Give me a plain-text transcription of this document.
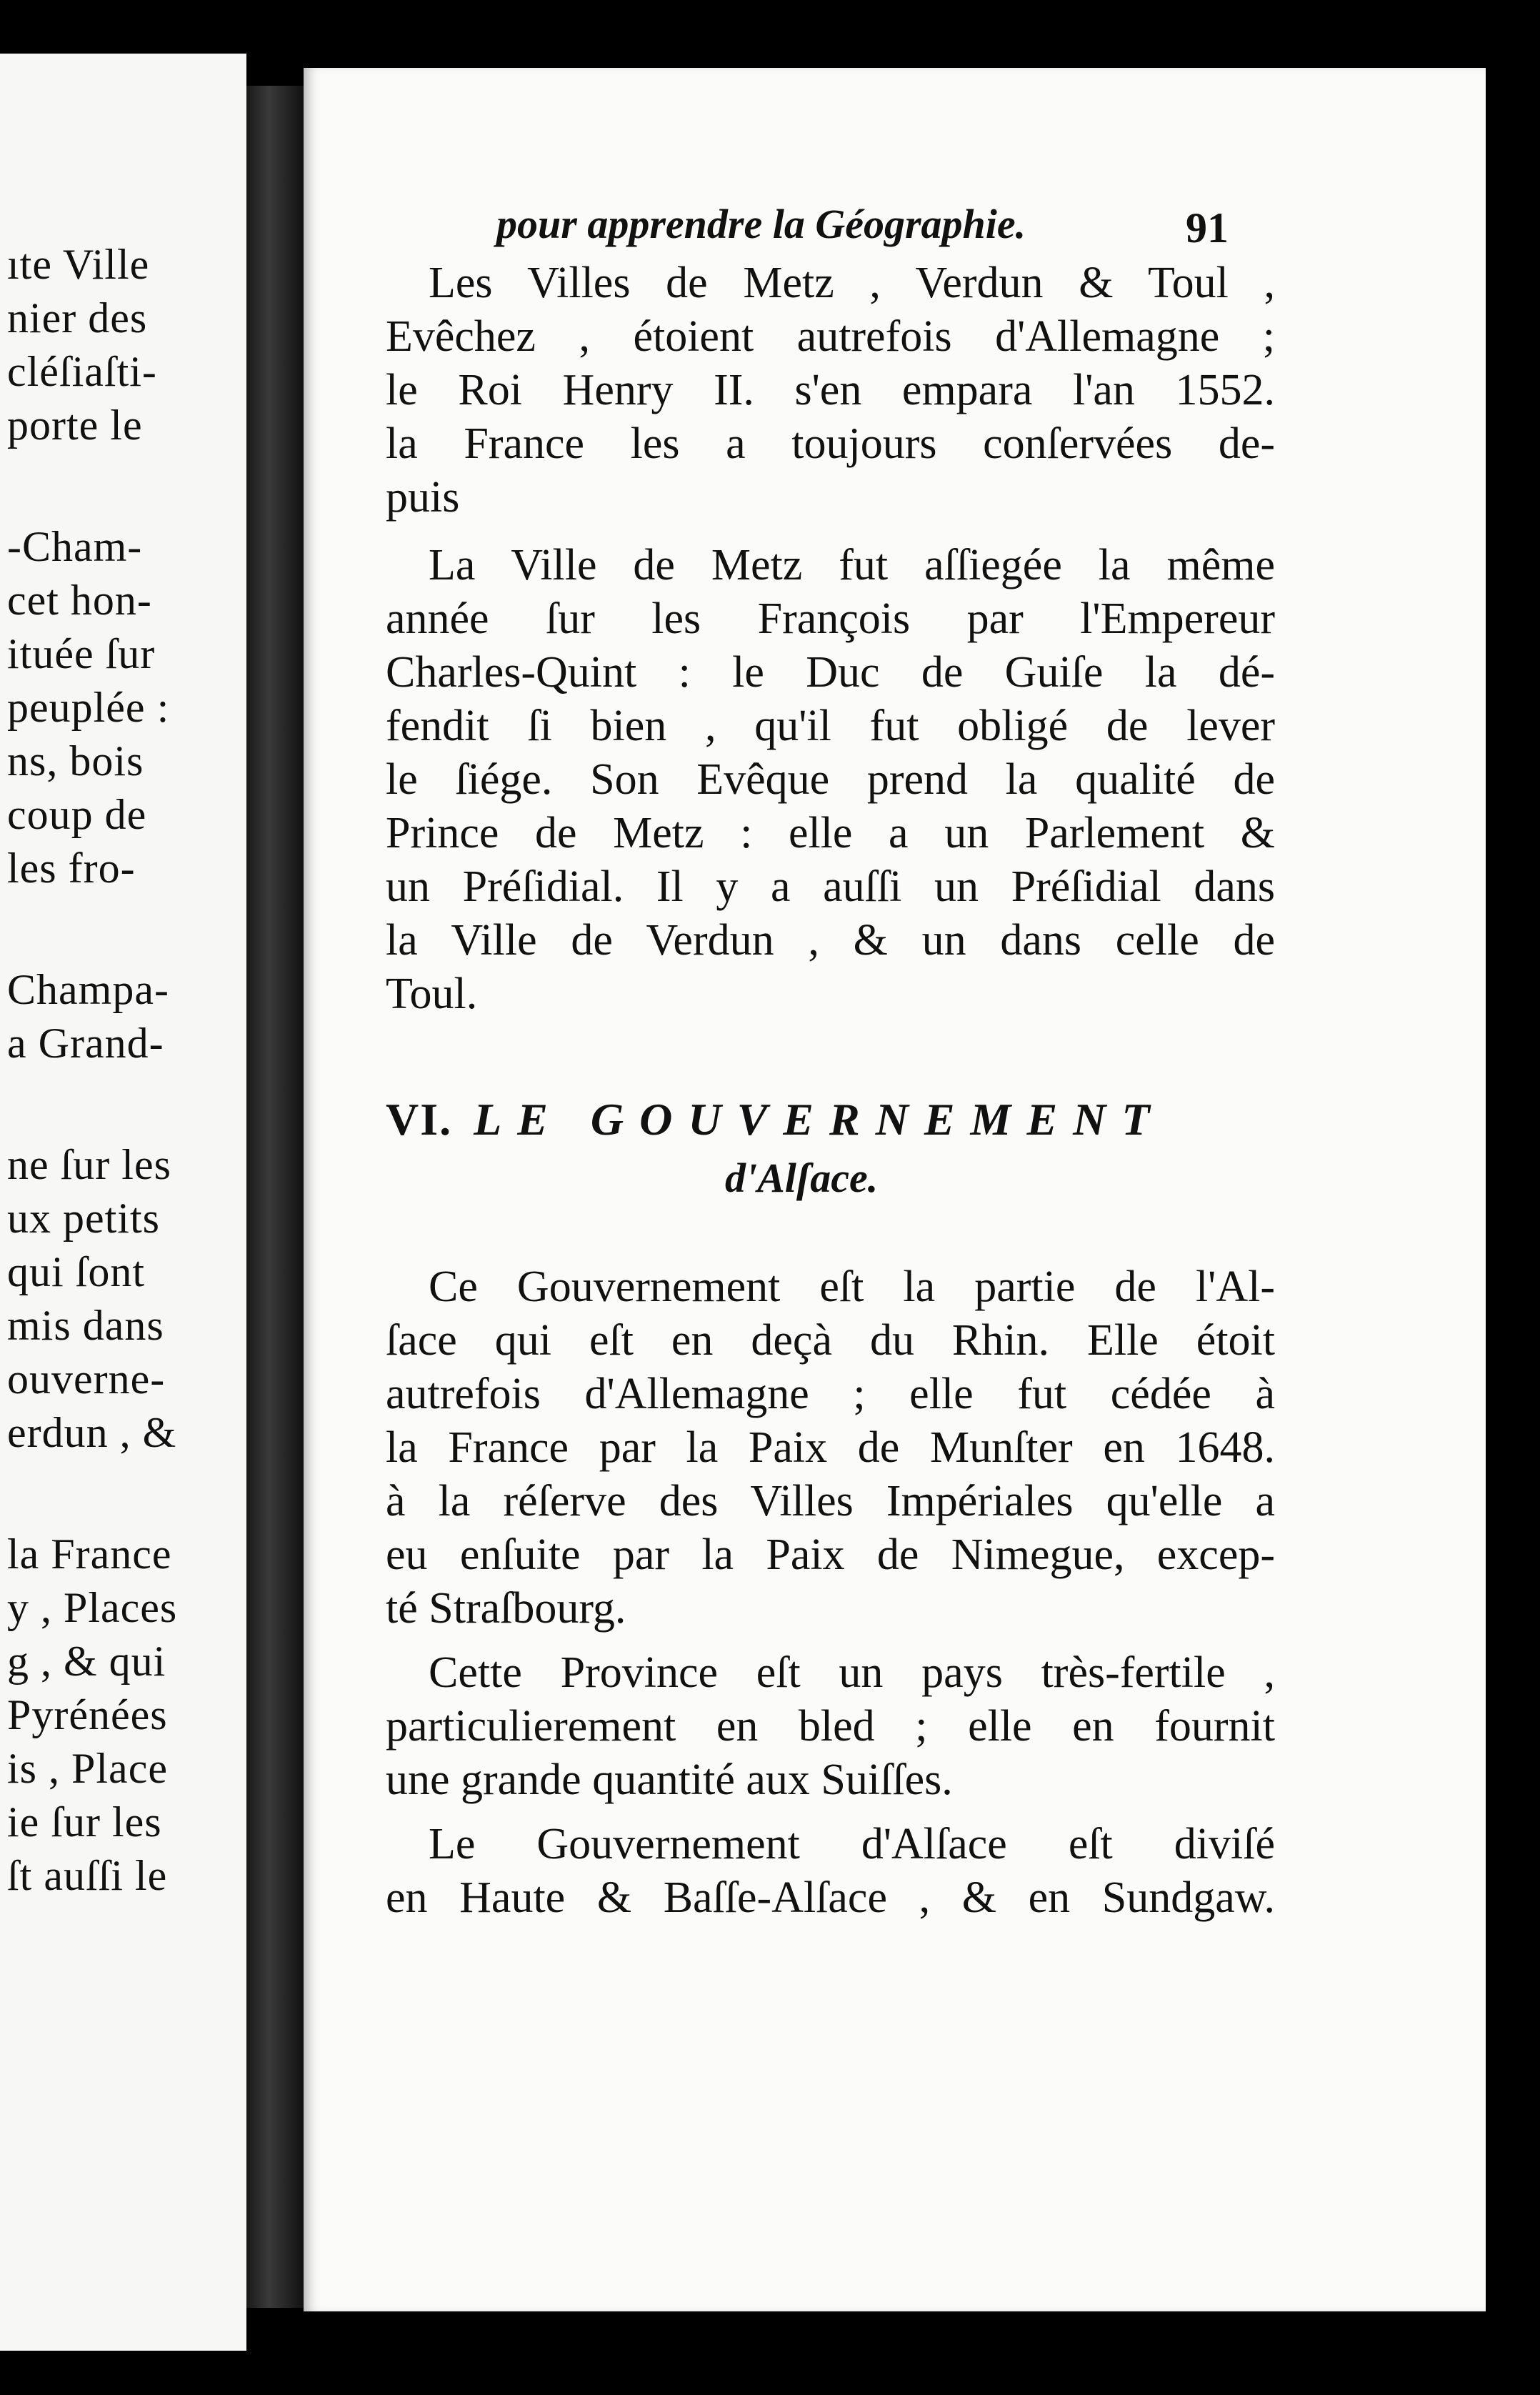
ıte Ville
nier des
cléſiaſti-
porte le
-Cham-
cet hon-
ituée ſur
peuplée :
ns, bois
coup de
les fro-
Champa-
a Grand-
ne ſur les
ux petits
qui ſont
mis dans
ouverne-
erdun , &
la France
y , Places
g , & qui
Pyrénées
is , Place
ie ſur les
ſt auſſi le
pour apprendre la Géographie.	91
Les Villes de Metz , Verdun & Toul ,
Evêchez , étoient autrefois d'Allemagne ;
le Roi Henry II. s'en empara l'an 1552.
la France les a toujours conſervées de-
puis
La Ville de Metz fut aſſiegée la même
année ſur les François par l'Empereur
Charles-Quint : le Duc de Guiſe la dé-
fendit ſi bien , qu'il fut obligé de lever
le ſiége. Son Evêque prend la qualité de
Prince de Metz : elle a un Parlement &
un Préſidial. Il y a auſſi un Préſidial dans
la Ville de Verdun , & un dans celle de
Toul.
VI. LE GOUVERNEMENT
d'Alſace.
Ce Gouvernement eſt la partie de l'Al-
ſace qui eſt en deçà du Rhin. Elle étoit
autrefois d'Allemagne ; elle fut cédée à
la France par la Paix de Munſter en 1648.
à la réſerve des Villes Impériales qu'elle a
eu enſuite par la Paix de Nimegue, excep-
té Straſbourg.
Cette Province eſt un pays très-fertile ,
particulierement en bled ; elle en fournit
une grande quantité aux Suiſſes.
Le Gouvernement d'Alſace eſt diviſé
en Haute & Baſſe-Alſace , & en Sundgaw.
